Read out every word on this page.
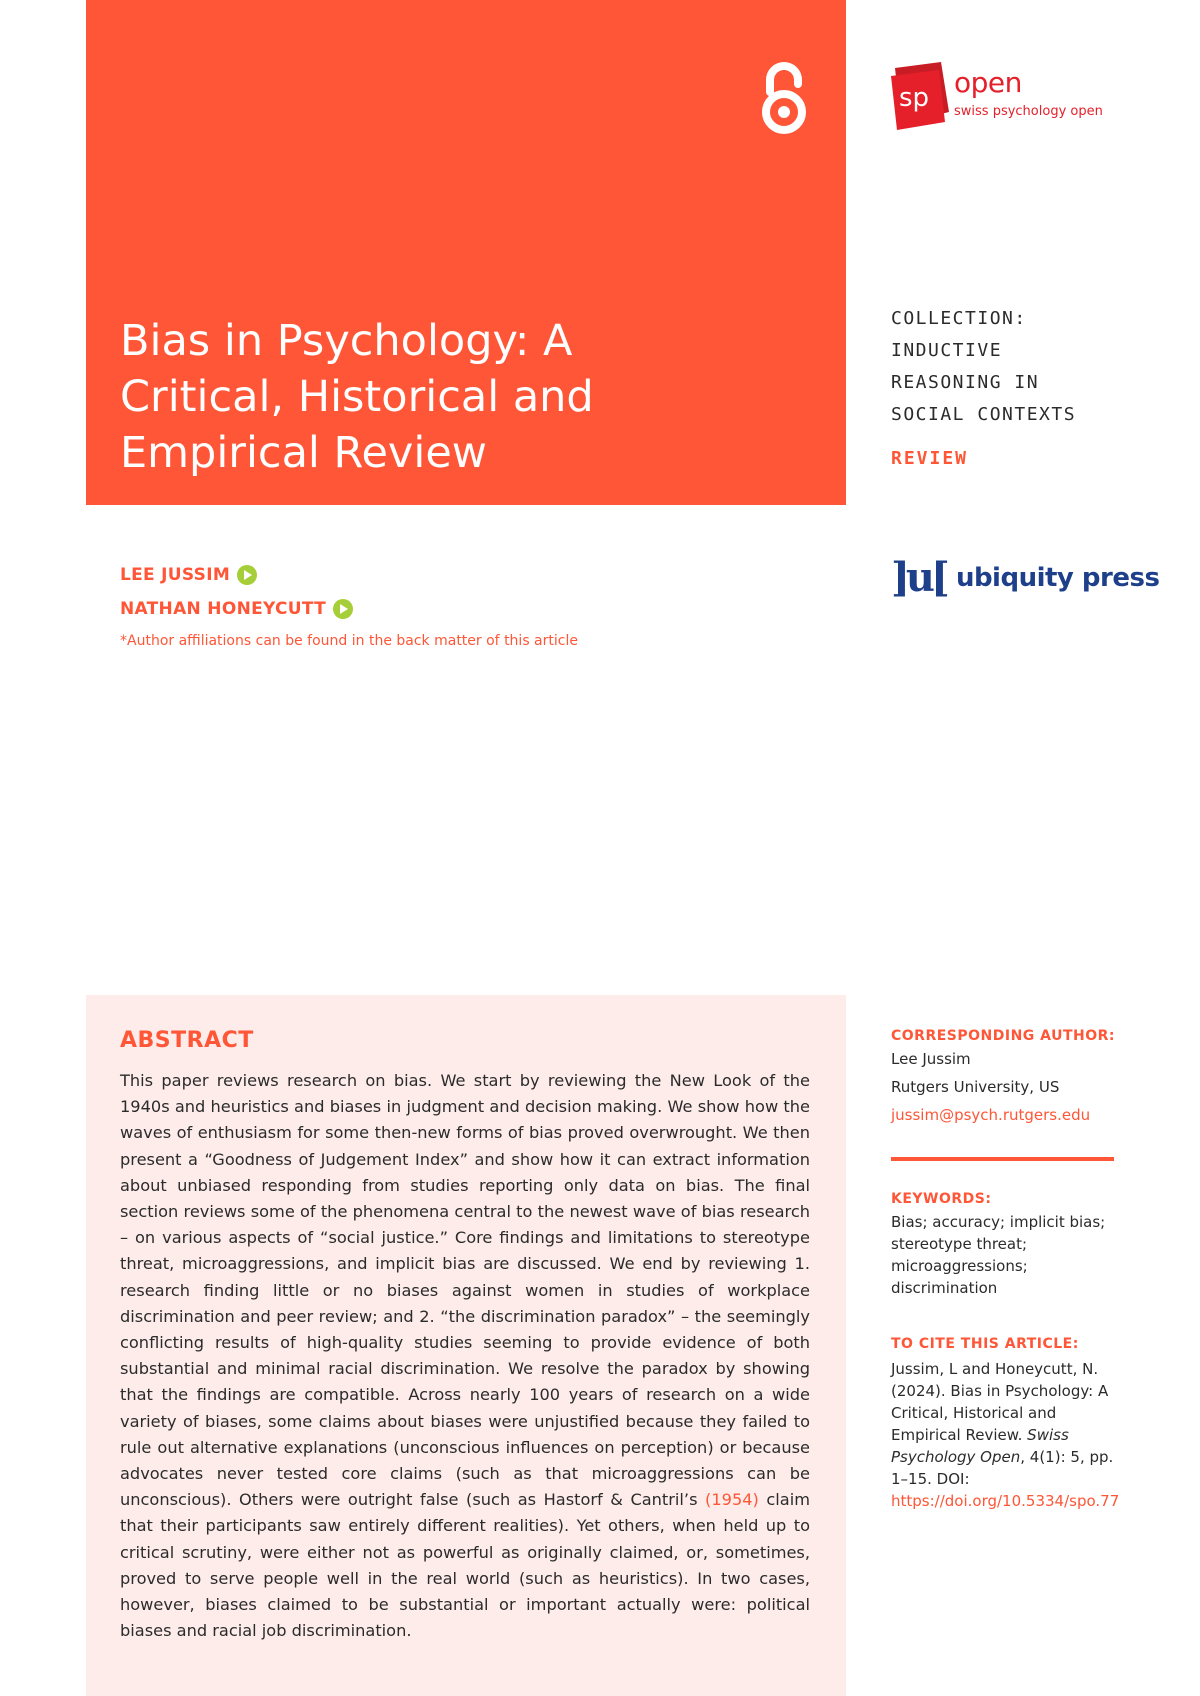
Bias in Psychology: A Critical, Historical and Empirical Review
sp open
swiss psychology open
COLLECTION:
INDUCTIVE
REASONING IN
SOCIAL CONTEXTS
REVIEW
LEE JUSSIM
NATHAN HONEYCUTT
*Author affiliations can be found in the back matter of this article
]u[ ubiquity press
ABSTRACT

This paper reviews research on bias. We start by reviewing the New Look of the 1940s and heuristics and biases in judgment and decision making. We show how the waves of enthusiasm for some then-new forms of bias proved overwrought. We then present a “Goodness of Judgement Index” and show how it can extract information about unbiased responding from studies reporting only data on bias. The final section reviews some of the phenomena central to the newest wave of bias research – on various aspects of “social justice.” Core findings and limitations to stereotype threat, microaggressions, and implicit bias are discussed. We end by reviewing 1. research finding little or no biases against women in studies of workplace discrimination and peer review; and 2. “the discrimination paradox” – the seemingly conflicting results of high-quality studies seeming to provide evidence of both substantial and minimal racial discrimination. We resolve the paradox by showing that the findings are compatible. Across nearly 100 years of research on a wide variety of biases, some claims about biases were unjustified because they failed to rule out alternative explanations (unconscious influences on perception) or because advocates never tested core claims (such as that microaggressions can be unconscious). Others were outright false (such as Hastorf & Cantril’s (1954) claim that their participants saw entirely different realities). Yet others, when held up to critical scrutiny, were either not as powerful as originally claimed, or, sometimes, proved to serve people well in the real world (such as heuristics). In two cases, however, biases claimed to be substantial or important actually were: political biases and racial job discrimination.

CORRESPONDING AUTHOR:
Lee Jussim
Rutgers University, US
jussim@psych.rutgers.edu
KEYWORDS:
Bias; accuracy; implicit bias; stereotype threat; microaggressions; discrimination
TO CITE THIS ARTICLE:
Jussim, L and Honeycutt, N. (2024). Bias in Psychology: A Critical, Historical and Empirical Review. Swiss Psychology Open, 4(1): 5, pp. 1–15. DOI: https://doi.org/10.5334/spo.77
